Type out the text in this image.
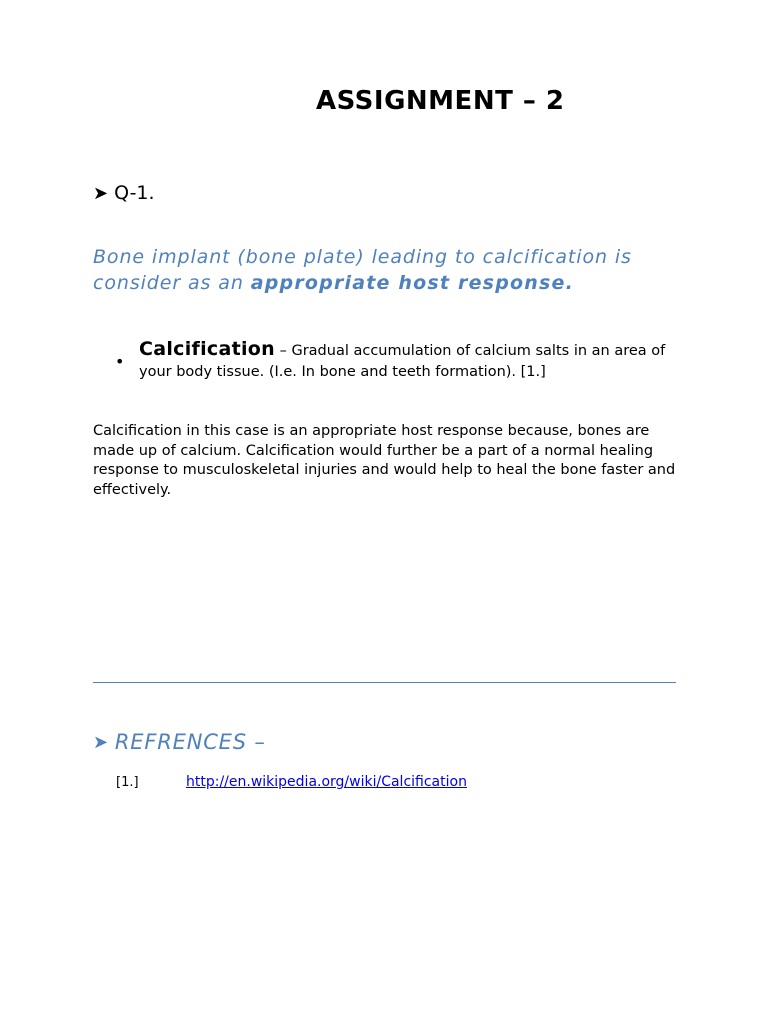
ASSIGNMENT – 2
➤ Q-1.
Bone implant (bone plate) leading to calcification is consider as an appropriate host response.
•
Calcification – Gradual accumulation of calcium salts in an area of your body tissue. (I.e. In bone and teeth formation). [1.]
Calcification in this case is an appropriate host response because, bones are made up of calcium. Calcification would further be a part of a normal healing response to musculoskeletal injuries and would help to heal the bone faster and effectively.
➤ REFRENCES –
[1.]	http://en.wikipedia.org/wiki/Calcification
